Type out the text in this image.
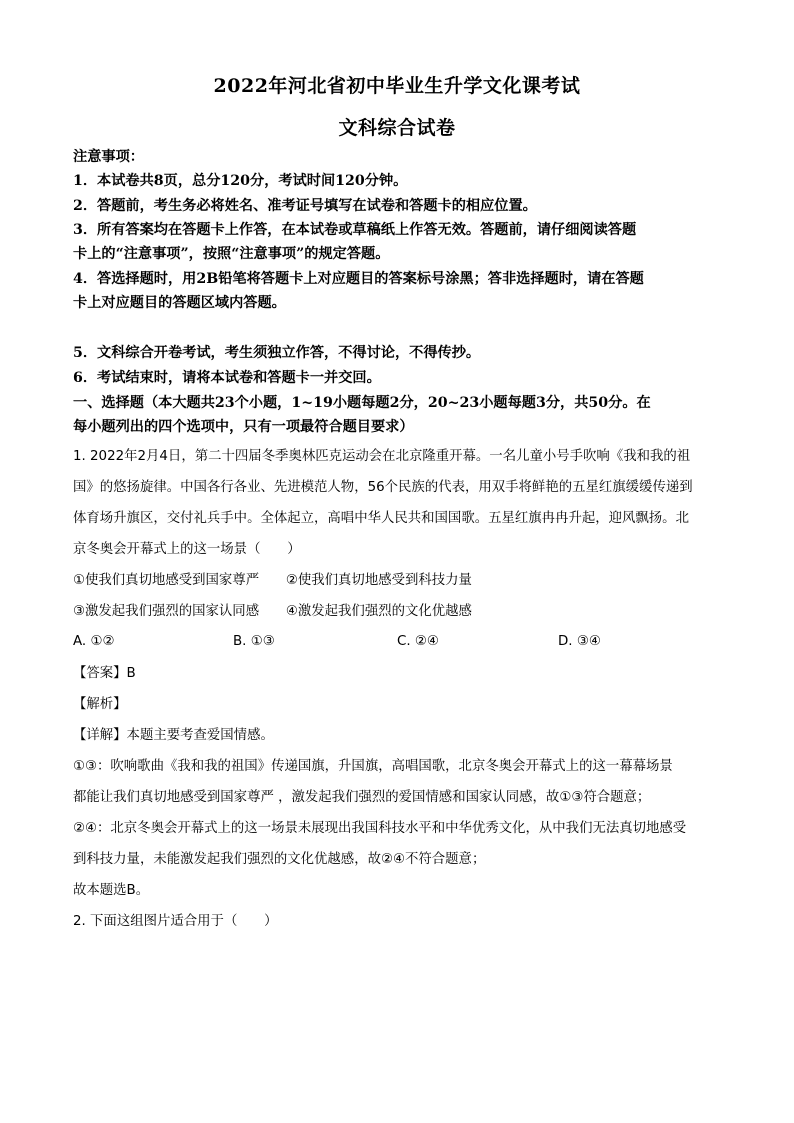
2022年河北省初中毕业生升学文化课考试
文科综合试卷
注意事项：
1．本试卷共8页，总分120分，考试时间120分钟。
2．答题前，考生务必将姓名、准考证号填写在试卷和答题卡的相应位置。
3．所有答案均在答题卡上作答，在本试卷或草稿纸上作答无效。答题前，请仔细阅读答题
卡上的“注意事项”，按照“注意事项”的规定答题。
4．答选择题时，用2B铅笔将答题卡上对应题目的答案标号涂黑；答非选择题时，请在答题
卡上对应题目的答题区域内答题。
5．文科综合开卷考试，考生须独立作答，不得讨论，不得传抄。
6．考试结束时，请将本试卷和答题卡一并交回。
一、选择题（本大题共23个小题，1~19小题每题2分，20~23小题每题3分，共50分。在
每小题列出的四个选项中，只有一项最符合题目要求）
1. 2022年2月4日，第二十四届冬季奥林匹克运动会在北京隆重开幕。一名儿童小号手吹响《我和我的祖
国》的悠扬旋律。中国各行各业、先进模范人物，56个民族的代表，用双手将鲜艳的五星红旗缓缓传递到
体育场升旗区，交付礼兵手中。全体起立，高唱中华人民共和国国歌。五星红旗冉冉升起，迎风飘扬。北
京冬奥会开幕式上的这一场景（　　）
①使我们真切地感受到国家尊严　　②使我们真切地感受到科技力量
③激发起我们强烈的国家认同感　　④激发起我们强烈的文化优越感
A. ①②	B. ①③	C. ②④	D. ③④
【答案】B
【解析】
【详解】本题主要考查爱国情感。
①③：吹响歌曲《我和我的祖国》传递国旗，升国旗，高唱国歌，北京冬奥会开幕式上的这一幕幕场景
都能让我们真切地感受到国家尊严 ，激发起我们强烈的爱国情感和国家认同感，故①③符合题意；
②④：北京冬奥会开幕式上的这一场景未展现出我国科技水平和中华优秀文化，从中我们无法真切地感受
到科技力量，未能激发起我们强烈的文化优越感，故②④不符合题意；
故本题选B。
2. 下面这组图片适合用于（　　）
